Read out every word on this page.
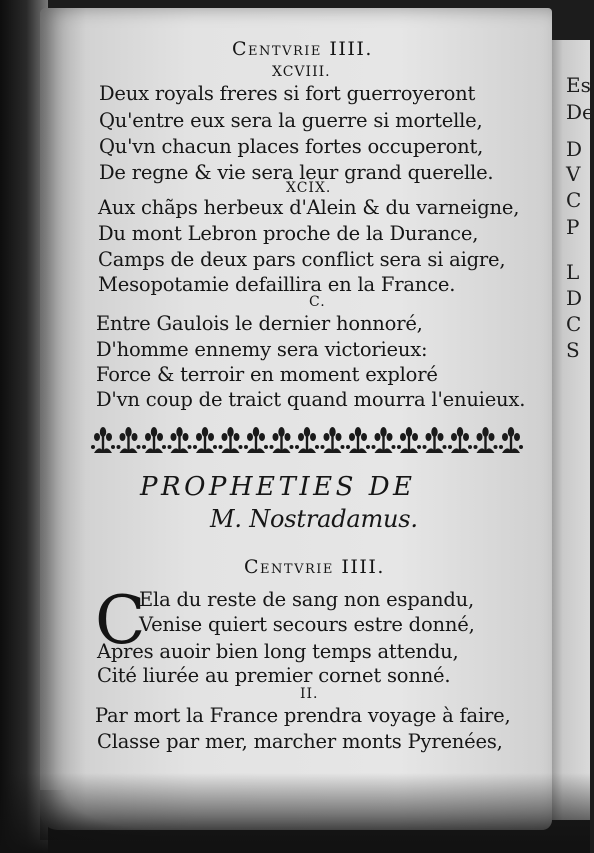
Es
De
D
V
C
P
L
D
C
S
Centvrie IIII.
XCVIII.
Deux royals freres si fort guerroyeront
Qu'entre eux sera la guerre si mortelle,
Qu'vn chacun places fortes occuperont,
De regne & vie sera leur grand querelle.
XCIX.
Aux chãps herbeux d'Alein & du varneigne,
Du mont Lebron proche de la Durance,
Camps de deux pars conflict sera si aigre,
Mesopotamie defaillira en la France.
C.
Entre Gaulois le dernier honnoré,
D'homme ennemy sera victorieux:
Force & terroir en moment exploré
D'vn coup de traict quand mourra l'enuieux.
PROPHETIES DE
M. Nostradamus.
Centvrie IIII.
C
Ela du reste de sang non espandu,
Venise quiert secours estre donné,
Apres auoir bien long temps attendu,
Cité liurée au premier cornet sonné.
II.
Par mort la France prendra voyage à faire,
Classe par mer, marcher monts Pyrenées,
